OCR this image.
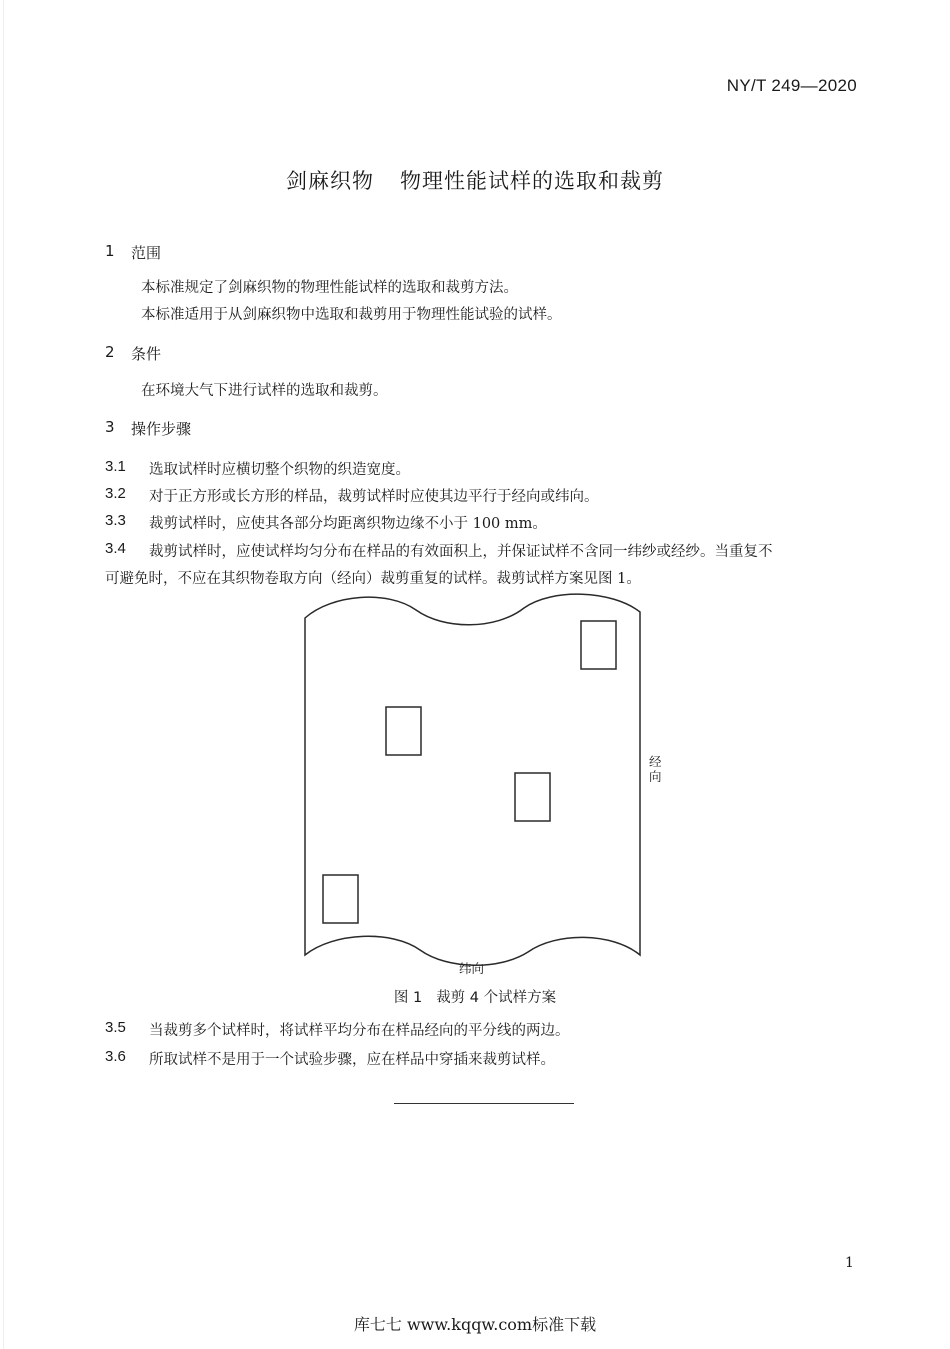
NY/T 249—2020
剑麻织物 物理性能试样的选取和裁剪
1 范围
本标准规定了剑麻织物的物理性能试样的选取和裁剪方法。
本标准适用于从剑麻织物中选取和裁剪用于物理性能试验的试样。
2 条件
在环境大气下进行试样的选取和裁剪。
3 操作步骤
3.1 选取试样时应横切整个织物的织造宽度。
3.2 对于正方形或长方形的样品，裁剪试样时应使其边平行于经向或纬向。
3.3 裁剪试样时，应使其各部分均距离织物边缘不小于 100 mm。
3.4 裁剪试样时，应使试样均匀分布在样品的有效面积上，并保证试样不含同一纬纱或经纱。当重复不
可避免时，不应在其织物卷取方向（经向）裁剪重复的试样。裁剪试样方案见图 1。
经
向
纬向
图 1 裁剪 4 个试样方案
3.5 当裁剪多个试样时，将试样平均分布在样品经向的平分线的两边。
3.6 所取试样不是用于一个试验步骤，应在样品中穿插来裁剪试样。
1
库七七 www.kqqw.com标准下载
